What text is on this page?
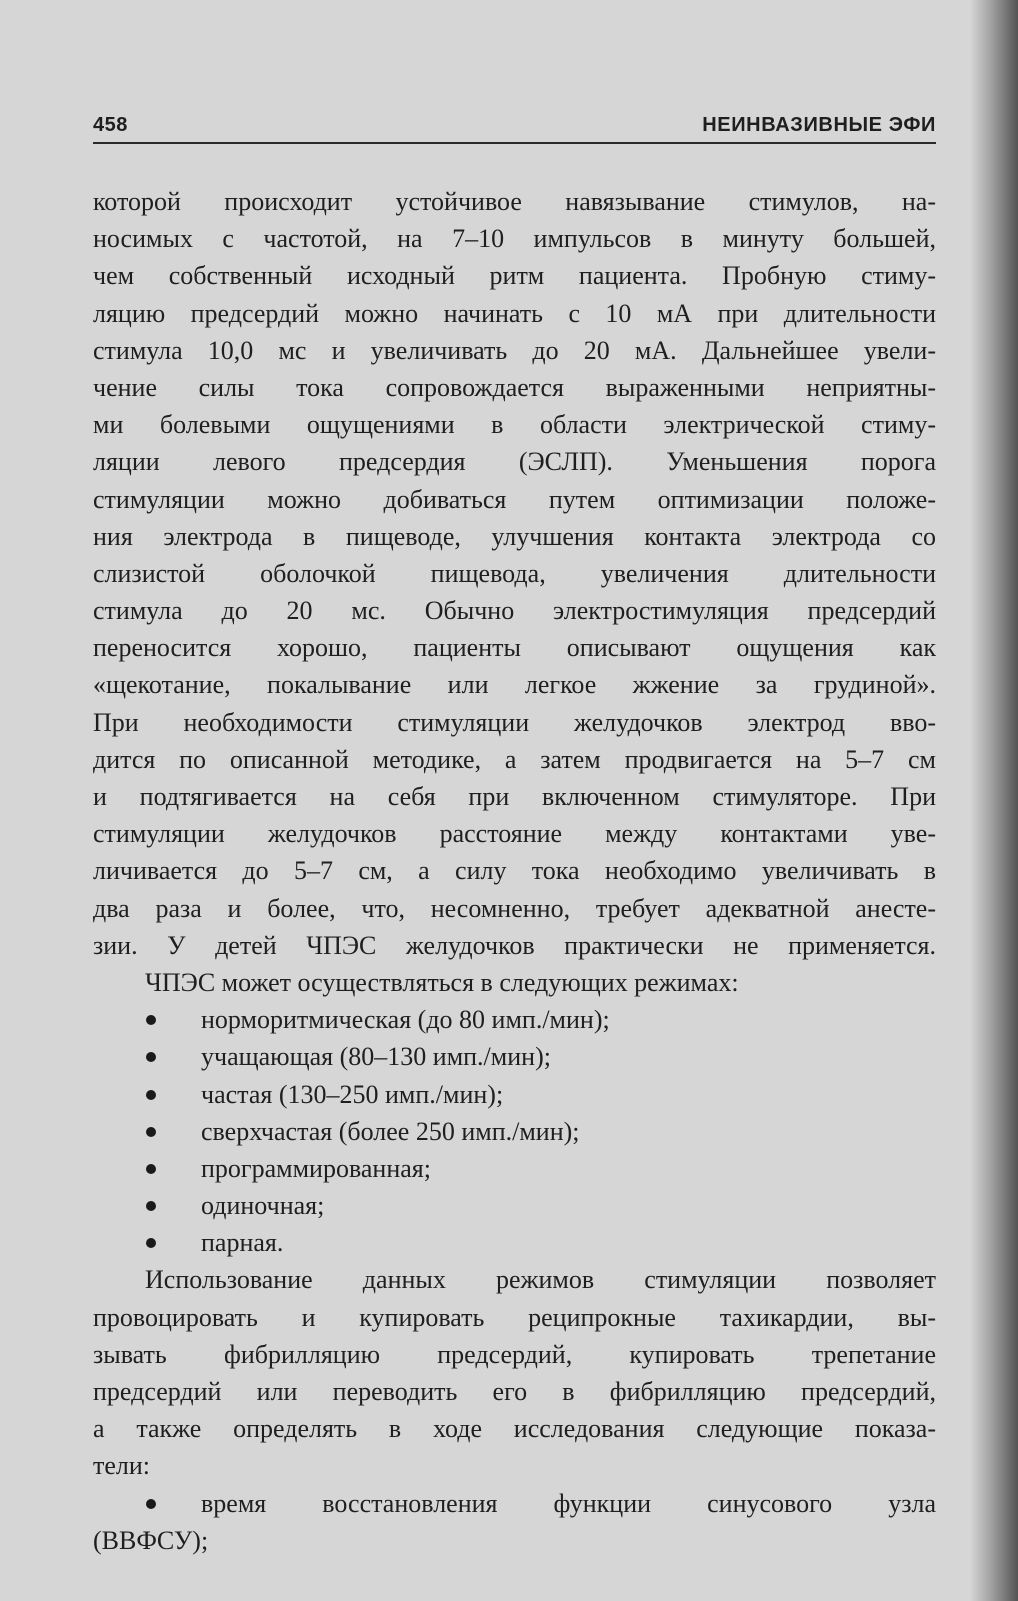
458	НЕИНВАЗИВНЫЕ ЭФИ
которой происходит устойчивое навязывание стимулов, на-
носимых с частотой, на 7–10 импульсов в минуту большей,
чем собственный исходный ритм пациента. Пробную стиму-
ляцию предсердий можно начинать с 10 мА при длительности
стимула 10,0 мс и увеличивать до 20 мА. Дальнейшее увели-
чение силы тока сопровождается выраженными неприятны-
ми болевыми ощущениями в области электрической стиму-
ляции левого предсердия (ЭСЛП). Уменьшения порога
стимуляции можно добиваться путем оптимизации положе-
ния электрода в пищеводе, улучшения контакта электрода со
слизистой оболочкой пищевода, увеличения длительности
стимула до 20 мс. Обычно электростимуляция предсердий
переносится хорошо, пациенты описывают ощущения как
«щекотание, покалывание или легкое жжение за грудиной».
При необходимости стимуляции желудочков электрод вво-
дится по описанной методике, а затем продвигается на 5–7 см
и подтягивается на себя при включенном стимуляторе. При
стимуляции желудочков расстояние между контактами уве-
личивается до 5–7 см, а силу тока необходимо увеличивать в
два раза и более, что, несомненно, требует адекватной анесте-
зии. У детей ЧПЭС желудочков практически не применяется.
ЧПЭС может осуществляться в следующих режимах:
норморитмическая (до 80 имп./мин);
учащающая (80–130 имп./мин);
частая (130–250 имп./мин);
сверхчастая (более 250 имп./мин);
программированная;
одиночная;
парная.
Использование данных режимов стимуляции позволяет
провоцировать и купировать реципрокные тахикардии, вы-
зывать фибрилляцию предсердий, купировать трепетание
предсердий или переводить его в фибрилляцию предсердий,
а также определять в ходе исследования следующие показа-
тели:
время восстановления функции синусового узла
(ВВФСУ);
